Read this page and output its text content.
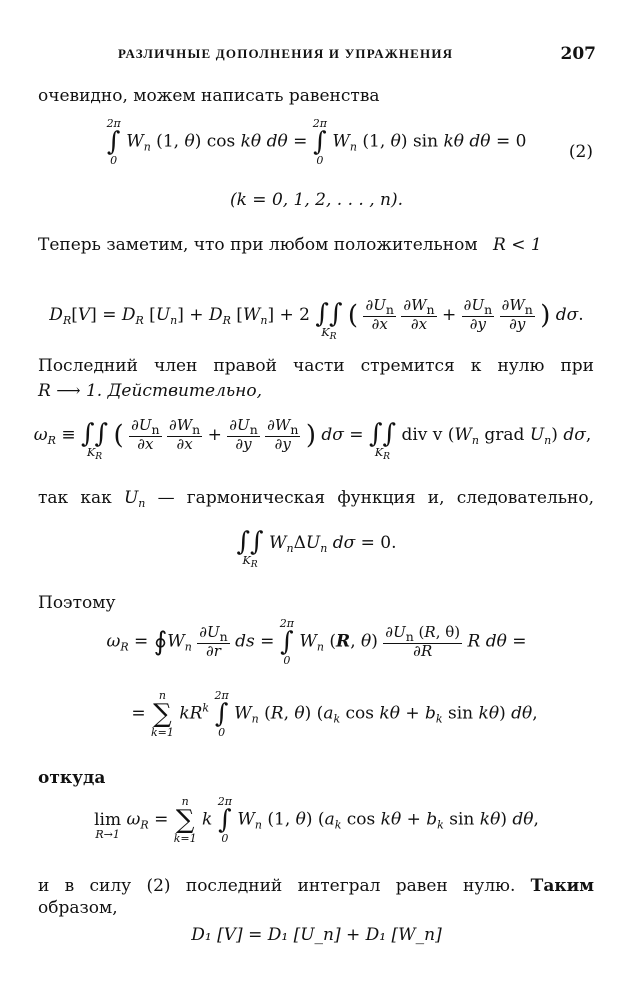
РАЗЛИЧНЫЕ ДОПОЛНЕНИЯ И УПРАЖНЕНИЯ	207
очевидно, можем написать равенства
2π
∫
0
$W_n$ (1, θ) cos kθ dθ =
2π
∫
0
$W_n$ (1, θ) sin kθ dθ = 0
(2)
(k = 0, 1, 2, . . . , n).
Теперь заметим, что при любом положительном R < 1
$D_R[V] = D_R$ $[U_n] + D_R$ $[W_n] + 2$
∫∫
$K_R$
( $\frac{\partial U_n}{\partial x}$
$\frac{\partial W_n}{\partial x} + \frac{\partial U_n}{\partial y}$
$\frac{\partial W_n}{\partial y}$ ) dσ.
Последний член правой части стремится к нулю при
R ⟶ 1. Действительно,
$\omega_R$ ≡
∫∫
$K_R$
( $\frac{\partial U_n}{\partial x}$
$\frac{\partial W_n}{\partial x} + \frac{\partial U_n}{\partial y}$
$\frac{\partial W_n}{\partial y}$ ) dσ =
∫∫
$K_R$
div v ($W_n$ grad $U_n$) dσ,
так как $U_n$ — гармоническая функция и, следовательно,

∫∫
$K_R$
$W_n\Delta U_n$ dσ = 0.
Поэтому
$\omega_R$ = $∮W_n \frac{\partial U_n}{\partial r}$ ds =
2π
∫
0
$W_n$ (R, $\theta) \frac{\partial U_n (R, \theta)}{\partial R}$ R dθ =
=
n
∑
k=1
$kR^k$
2π
∫
0
$W_n$ (R, θ) ($a_k$ $\cos k\theta + b_k$ sin kθ) dθ,
откуда

lim
R→1
$\omega_R$ =
n
∑
k=1
k
2π
∫
0
$W_n$ (1, θ) ($a_k$ $\cos k\theta + b_k$ sin kθ) dθ,
и в силу (2) последний интеграл равен нулю. Таким
образом,
D₁ [V] = D₁ [U_n] + D₁ [W_n]
